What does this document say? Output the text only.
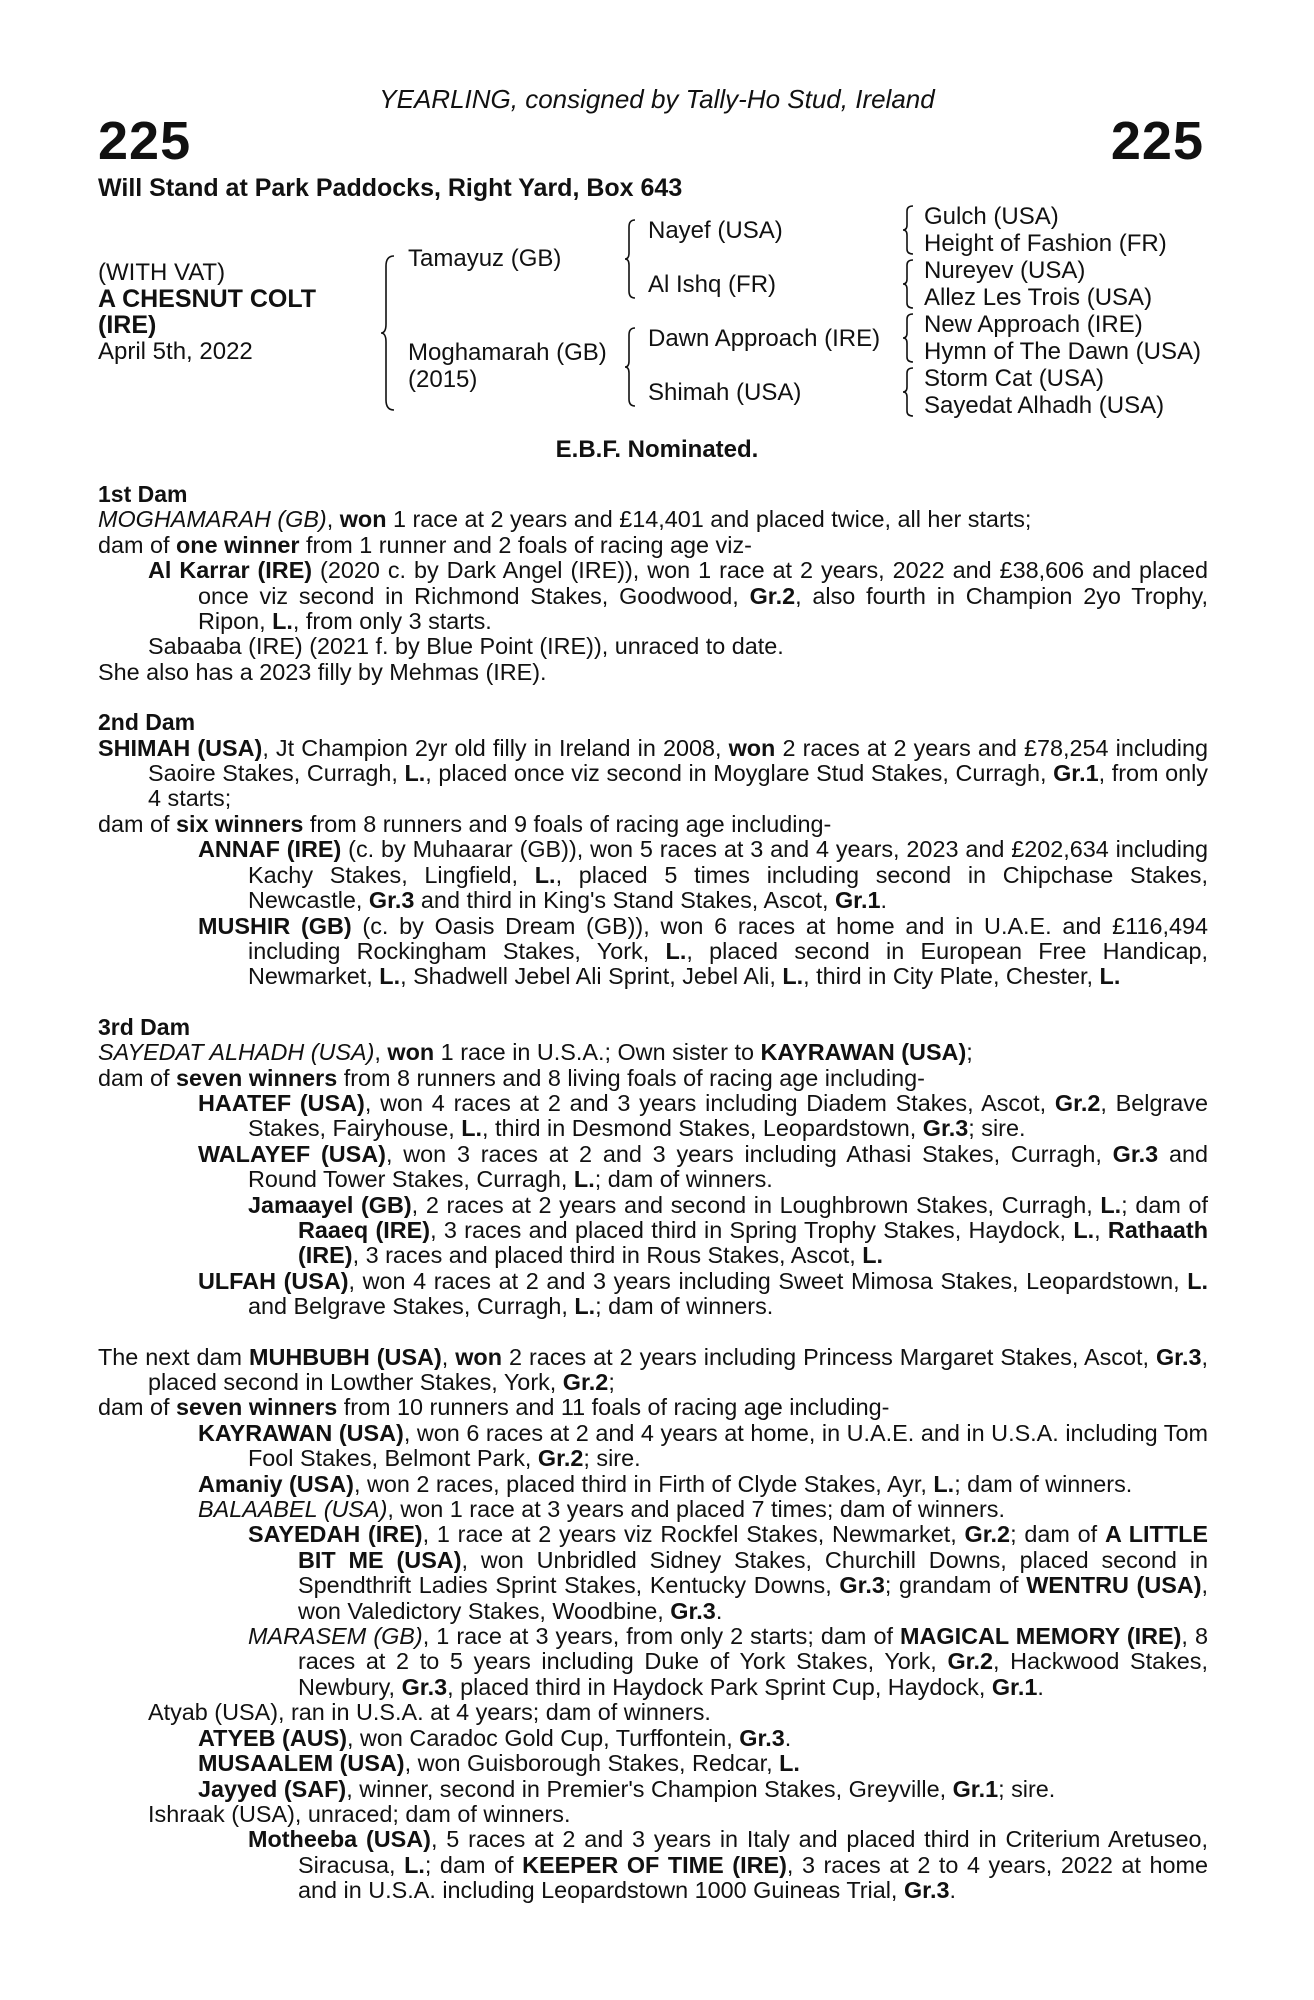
YEARLING, consigned by Tally-Ho Stud, Ireland
225	225
Will Stand at Park Paddocks, Right Yard, Box 643
(WITH VAT)
A CHESNUT COLT
(IRE)
April 5th, 2022
Tamayuz (GB)
Moghamarah (GB)
(2015)
Nayef (USA)
Al Ishq (FR)
Dawn Approach (IRE)
Shimah (USA)
Gulch (USA)
Height of Fashion (FR)
Nureyev (USA)
Allez Les Trois (USA)
New Approach (IRE)
Hymn of The Dawn (USA)
Storm Cat (USA)
Sayedat Alhadh (USA)
E.B.F. Nominated.

1st Dam

MOGHAMARAH (GB), won 1 race at 2 years and £14,401 and placed twice, all her starts;

dam of one winner from 1 runner and 2 foals of racing age viz-

Al Karrar (IRE) (2020 c. by Dark Angel (IRE)), won 1 race at 2 years, 2022 and £38,606 and placed once viz second in Richmond Stakes, Goodwood, Gr.2, also fourth in Champion 2yo Trophy, Ripon, L., from only 3 starts.

Sabaaba (IRE) (2021 f. by Blue Point (IRE)), unraced to date.

She also has a 2023 filly by Mehmas (IRE).

2nd Dam

SHIMAH (USA), Jt Champion 2yr old filly in Ireland in 2008, won 2 races at 2 years and £78,254 including Saoire Stakes, Curragh, L., placed once viz second in Moyglare Stud Stakes, Curragh, Gr.1, from only 4 starts;

dam of six winners from 8 runners and 9 foals of racing age including-

ANNAF (IRE) (c. by Muhaarar (GB)), won 5 races at 3 and 4 years, 2023 and £202,634 including Kachy Stakes, Lingfield, L., placed 5 times including second in Chipchase Stakes, Newcastle, Gr.3 and third in King's Stand Stakes, Ascot, Gr.1.

MUSHIR (GB) (c. by Oasis Dream (GB)), won 6 races at home and in U.A.E. and £116,494 including Rockingham Stakes, York, L., placed second in European Free Handicap, Newmarket, L., Shadwell Jebel Ali Sprint, Jebel Ali, L., third in City Plate, Chester, L.

3rd Dam

SAYEDAT ALHADH (USA), won 1 race in U.S.A.; Own sister to KAYRAWAN (USA);

dam of seven winners from 8 runners and 8 living foals of racing age including-

HAATEF (USA), won 4 races at 2 and 3 years including Diadem Stakes, Ascot, Gr.2, Belgrave Stakes, Fairyhouse, L., third in Desmond Stakes, Leopardstown, Gr.3; sire.

WALAYEF (USA), won 3 races at 2 and 3 years including Athasi Stakes, Curragh, Gr.3 and Round Tower Stakes, Curragh, L.; dam of winners.

Jamaayel (GB), 2 races at 2 years and second in Loughbrown Stakes, Curragh, L.; dam of Raaeq (IRE), 3 races and placed third in Spring Trophy Stakes, Haydock, L., Rathaath (IRE), 3 races and placed third in Rous Stakes, Ascot, L.

ULFAH (USA), won 4 races at 2 and 3 years including Sweet Mimosa Stakes, Leopardstown, L. and Belgrave Stakes, Curragh, L.; dam of winners.

The next dam MUHBUBH (USA), won 2 races at 2 years including Princess Margaret Stakes, Ascot, Gr.3, placed second in Lowther Stakes, York, Gr.2;

dam of seven winners from 10 runners and 11 foals of racing age including-

KAYRAWAN (USA), won 6 races at 2 and 4 years at home, in U.A.E. and in U.S.A. including Tom Fool Stakes, Belmont Park, Gr.2; sire.

Amaniy (USA), won 2 races, placed third in Firth of Clyde Stakes, Ayr, L.; dam of winners.

BALAABEL (USA), won 1 race at 3 years and placed 7 times; dam of winners.

SAYEDAH (IRE), 1 race at 2 years viz Rockfel Stakes, Newmarket, Gr.2; dam of A LITTLE BIT ME (USA), won Unbridled Sidney Stakes, Churchill Downs, placed second in Spendthrift Ladies Sprint Stakes, Kentucky Downs, Gr.3; grandam of WENTRU (USA), won Valedictory Stakes, Woodbine, Gr.3.

MARASEM (GB), 1 race at 3 years, from only 2 starts; dam of MAGICAL MEMORY (IRE), 8 races at 2 to 5 years including Duke of York Stakes, York, Gr.2, Hackwood Stakes, Newbury, Gr.3, placed third in Haydock Park Sprint Cup, Haydock, Gr.1.

Atyab (USA), ran in U.S.A. at 4 years; dam of winners.

ATYEB (AUS), won Caradoc Gold Cup, Turffontein, Gr.3.

MUSAALEM (USA), won Guisborough Stakes, Redcar, L.

Jayyed (SAF), winner, second in Premier's Champion Stakes, Greyville, Gr.1; sire.

Ishraak (USA), unraced; dam of winners.

Motheeba (USA), 5 races at 2 and 3 years in Italy and placed third in Criterium Aretuseo, Siracusa, L.; dam of KEEPER OF TIME (IRE), 3 races at 2 to 4 years, 2022 at home and in U.S.A. including Leopardstown 1000 Guineas Trial, Gr.3.
